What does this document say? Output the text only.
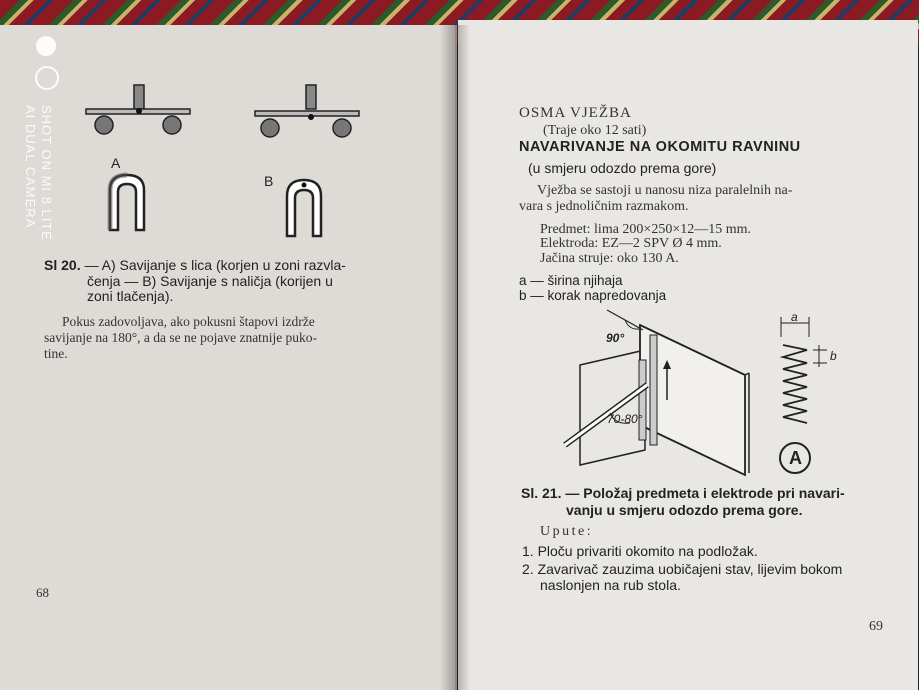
A
B
Sl 20. — A) Savijanje s lica (korjen u zoni razvla-
čenja — B) Savijanje s naličja (korijen u
zoni tlačenja).
Pokus zadovoljava, ako pokusni štapovi izdrže
savijanje na 180°, a da se ne pojave znatnije puko-
tine.
68
SHOT ON MI 8 LITE
AI DUAL CAMERA	OSMA VJEŽBA
(Traje oko 12 sati)
NAVARIVANJE NA OKOMITU RAVNINU
(u smjeru odozdo prema gore)
Vježba se sastoji u nanosu niza paralelnih na-
vara s jednoličnim razmakom.
Predmet: lima 200×250×12—15 mm.
Elektroda: EZ—2 SPV Ø 4 mm.
Jačina struje: oko 130 A.
a — širina njihaja
b — korak napredovanja
90°
70-80°
a
b
A
Sl. 21. — Položaj predmeta i elektrode pri navari-
vanju u smjeru odozdo prema gore.
Upute:
1. Ploču privariti okomito na podložak.
2. Zavarivač zauzima uobičajeni stav, lijevim bokom
naslonjen na rub stola.
69
